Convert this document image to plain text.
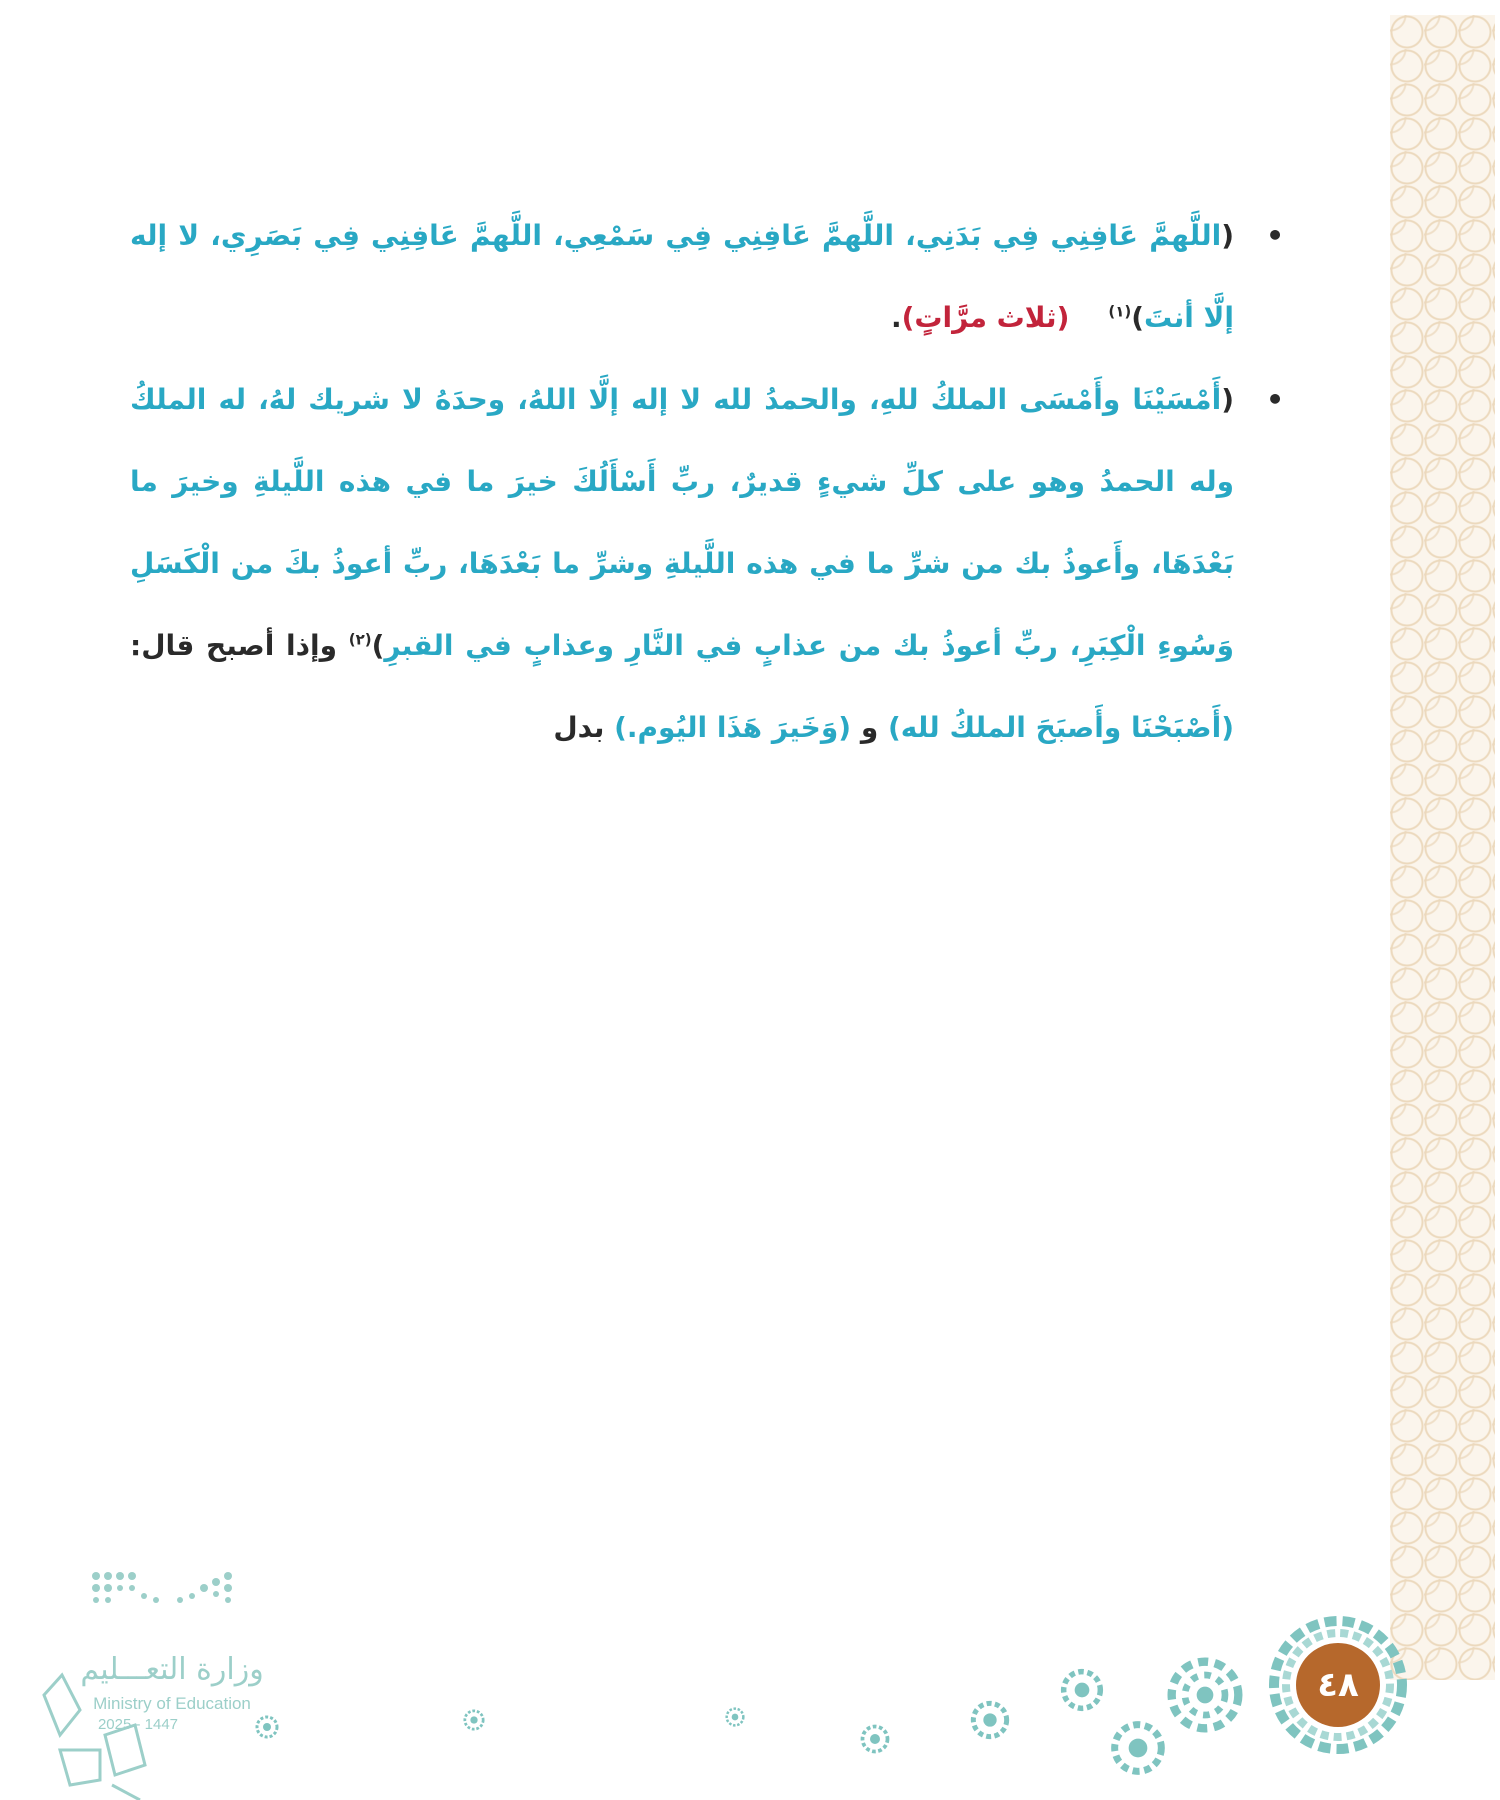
•
(اللَّهمَّ عَافِنِي فِي بَدَنِي، اللَّهمَّ عَافِنِي فِي سَمْعِي، اللَّهمَّ عَافِنِي فِي بَصَرِي، لا إله إلَّا أنتَ)$^{(١)}$    (ثلاث مرَّاتٍ).
•
(أَمْسَيْنَا وأَمْسَى الملكُ للهِ، والحمدُ لله لا إله إلَّا اللهُ، وحدَهُ لا شريك لهُ، له الملكُ وله الحمدُ وهو على كلِّ شيءٍ قديرٌ، ربِّ أَسْأَلُكَ خيرَ ما في هذه اللَّيلةِ وخيرَ ما بَعْدَهَا، وأَعوذُ بك من شرِّ ما في هذه اللَّيلةِ وشرِّ ما بَعْدَهَا، ربِّ أعوذُ بكَ من الْكَسَلِ وَسُوءِ الْكِبَرِ، ربِّ أعوذُ بك من عذابٍ في النَّارِ وعذابٍ في القبرِ)$^{(٢)}$ وإذا أصبح قال: (أَصْبَحْنَا وأَصبَحَ الملكُ لله) و (وَخَيرَ هَذَا اليُوم.) بدل
٤٨
وزارة التعـــليم
Ministry of Education
2025 - 1447
